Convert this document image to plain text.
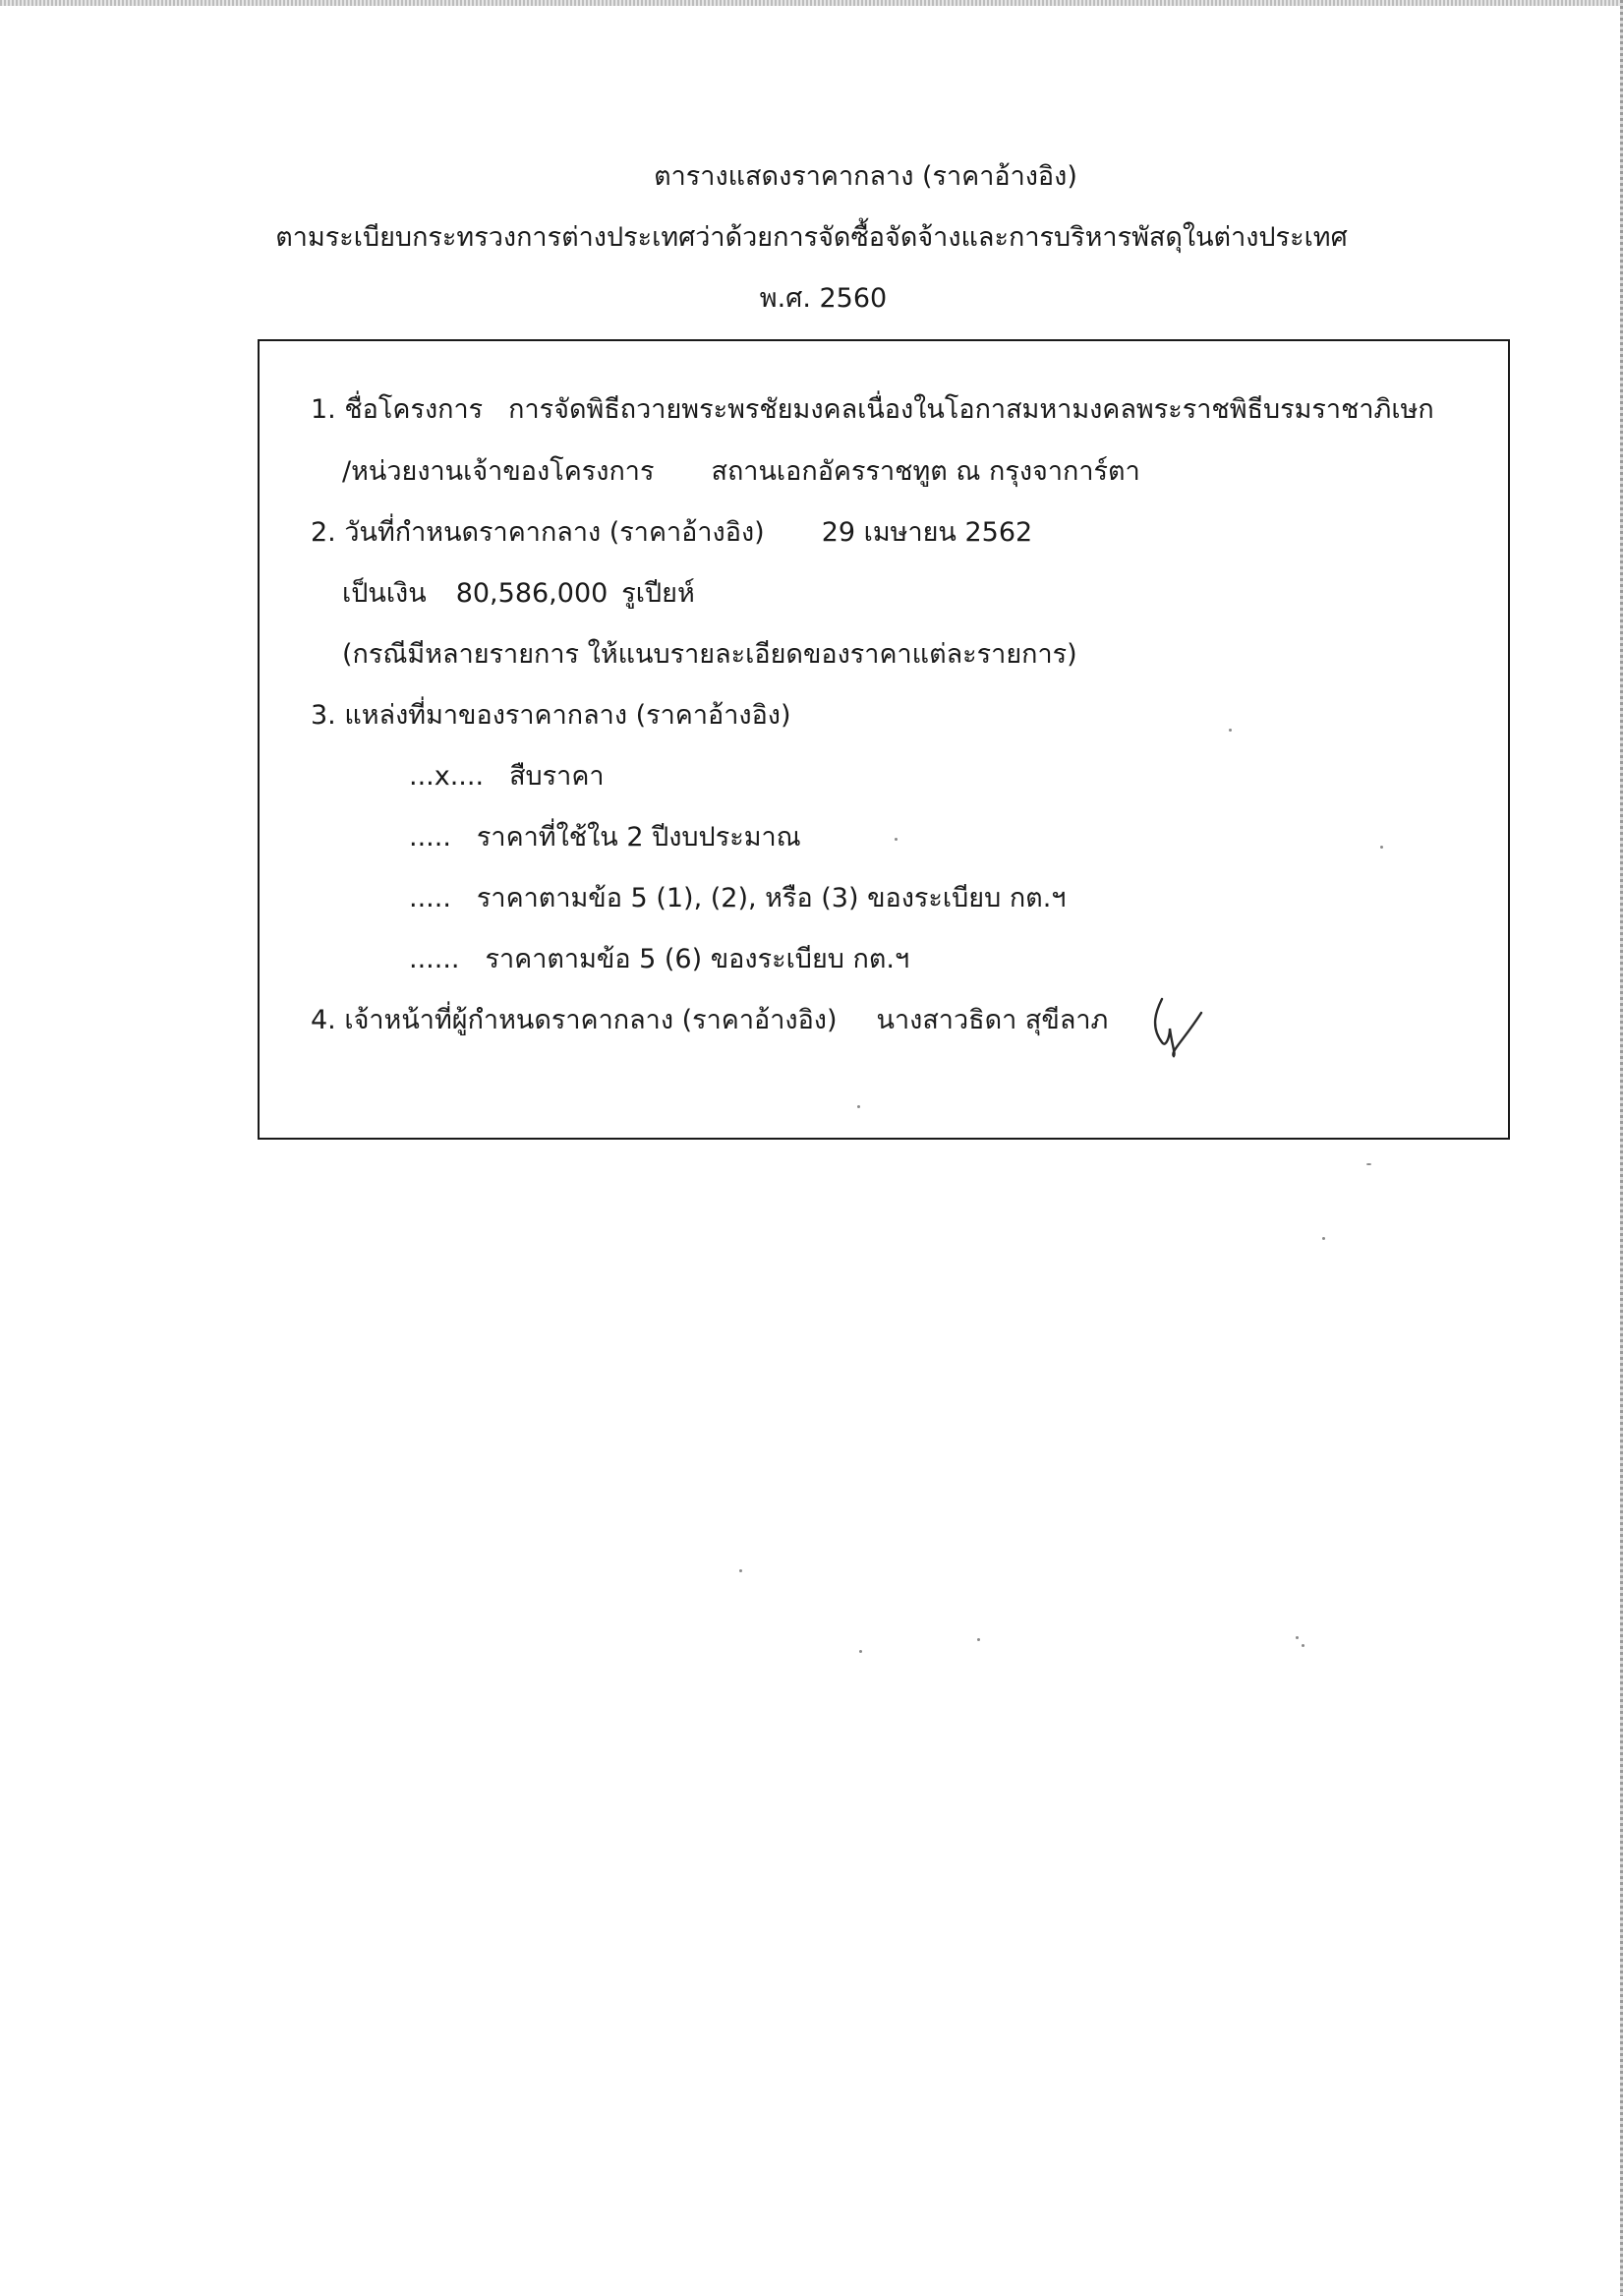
ตารางแสดงราคากลาง (ราคาอ้างอิง)
ตามระเบียบกระทรวงการต่างประเทศว่าด้วยการจัดซื้อจัดจ้างและการบริหารพัสดุในต่างประเทศ
พ.ศ. 2560
1. ชื่อโครงการ การจัดพิธีถวายพระพรชัยมงคลเนื่องในโอกาสมหามงคลพระราชพิธีบรมราชาภิเษก
/หน่วยงานเจ้าของโครงการ สถานเอกอัครราชทูต ณ กรุงจาการ์ตา
2. วันที่กำหนดราคากลาง (ราคาอ้างอิง) 29 เมษายน 2562
เป็นเงิน 80,586,000 รูเปียห์
(กรณีมีหลายรายการ ให้แนบรายละเอียดของราคาแต่ละรายการ)
3. แหล่งที่มาของราคากลาง (ราคาอ้างอิง)
...x.... สืบราคา
..... ราคาที่ใช้ใน 2 ปีงบประมาณ
..... ราคาตามข้อ 5 (1), (2), หรือ (3) ของระเบียบ กต.ฯ
...... ราคาตามข้อ 5 (6) ของระเบียบ กต.ฯ
4. เจ้าหน้าที่ผู้กำหนดราคากลาง (ราคาอ้างอิง) นางสาวธิดา สุขีลาภ
